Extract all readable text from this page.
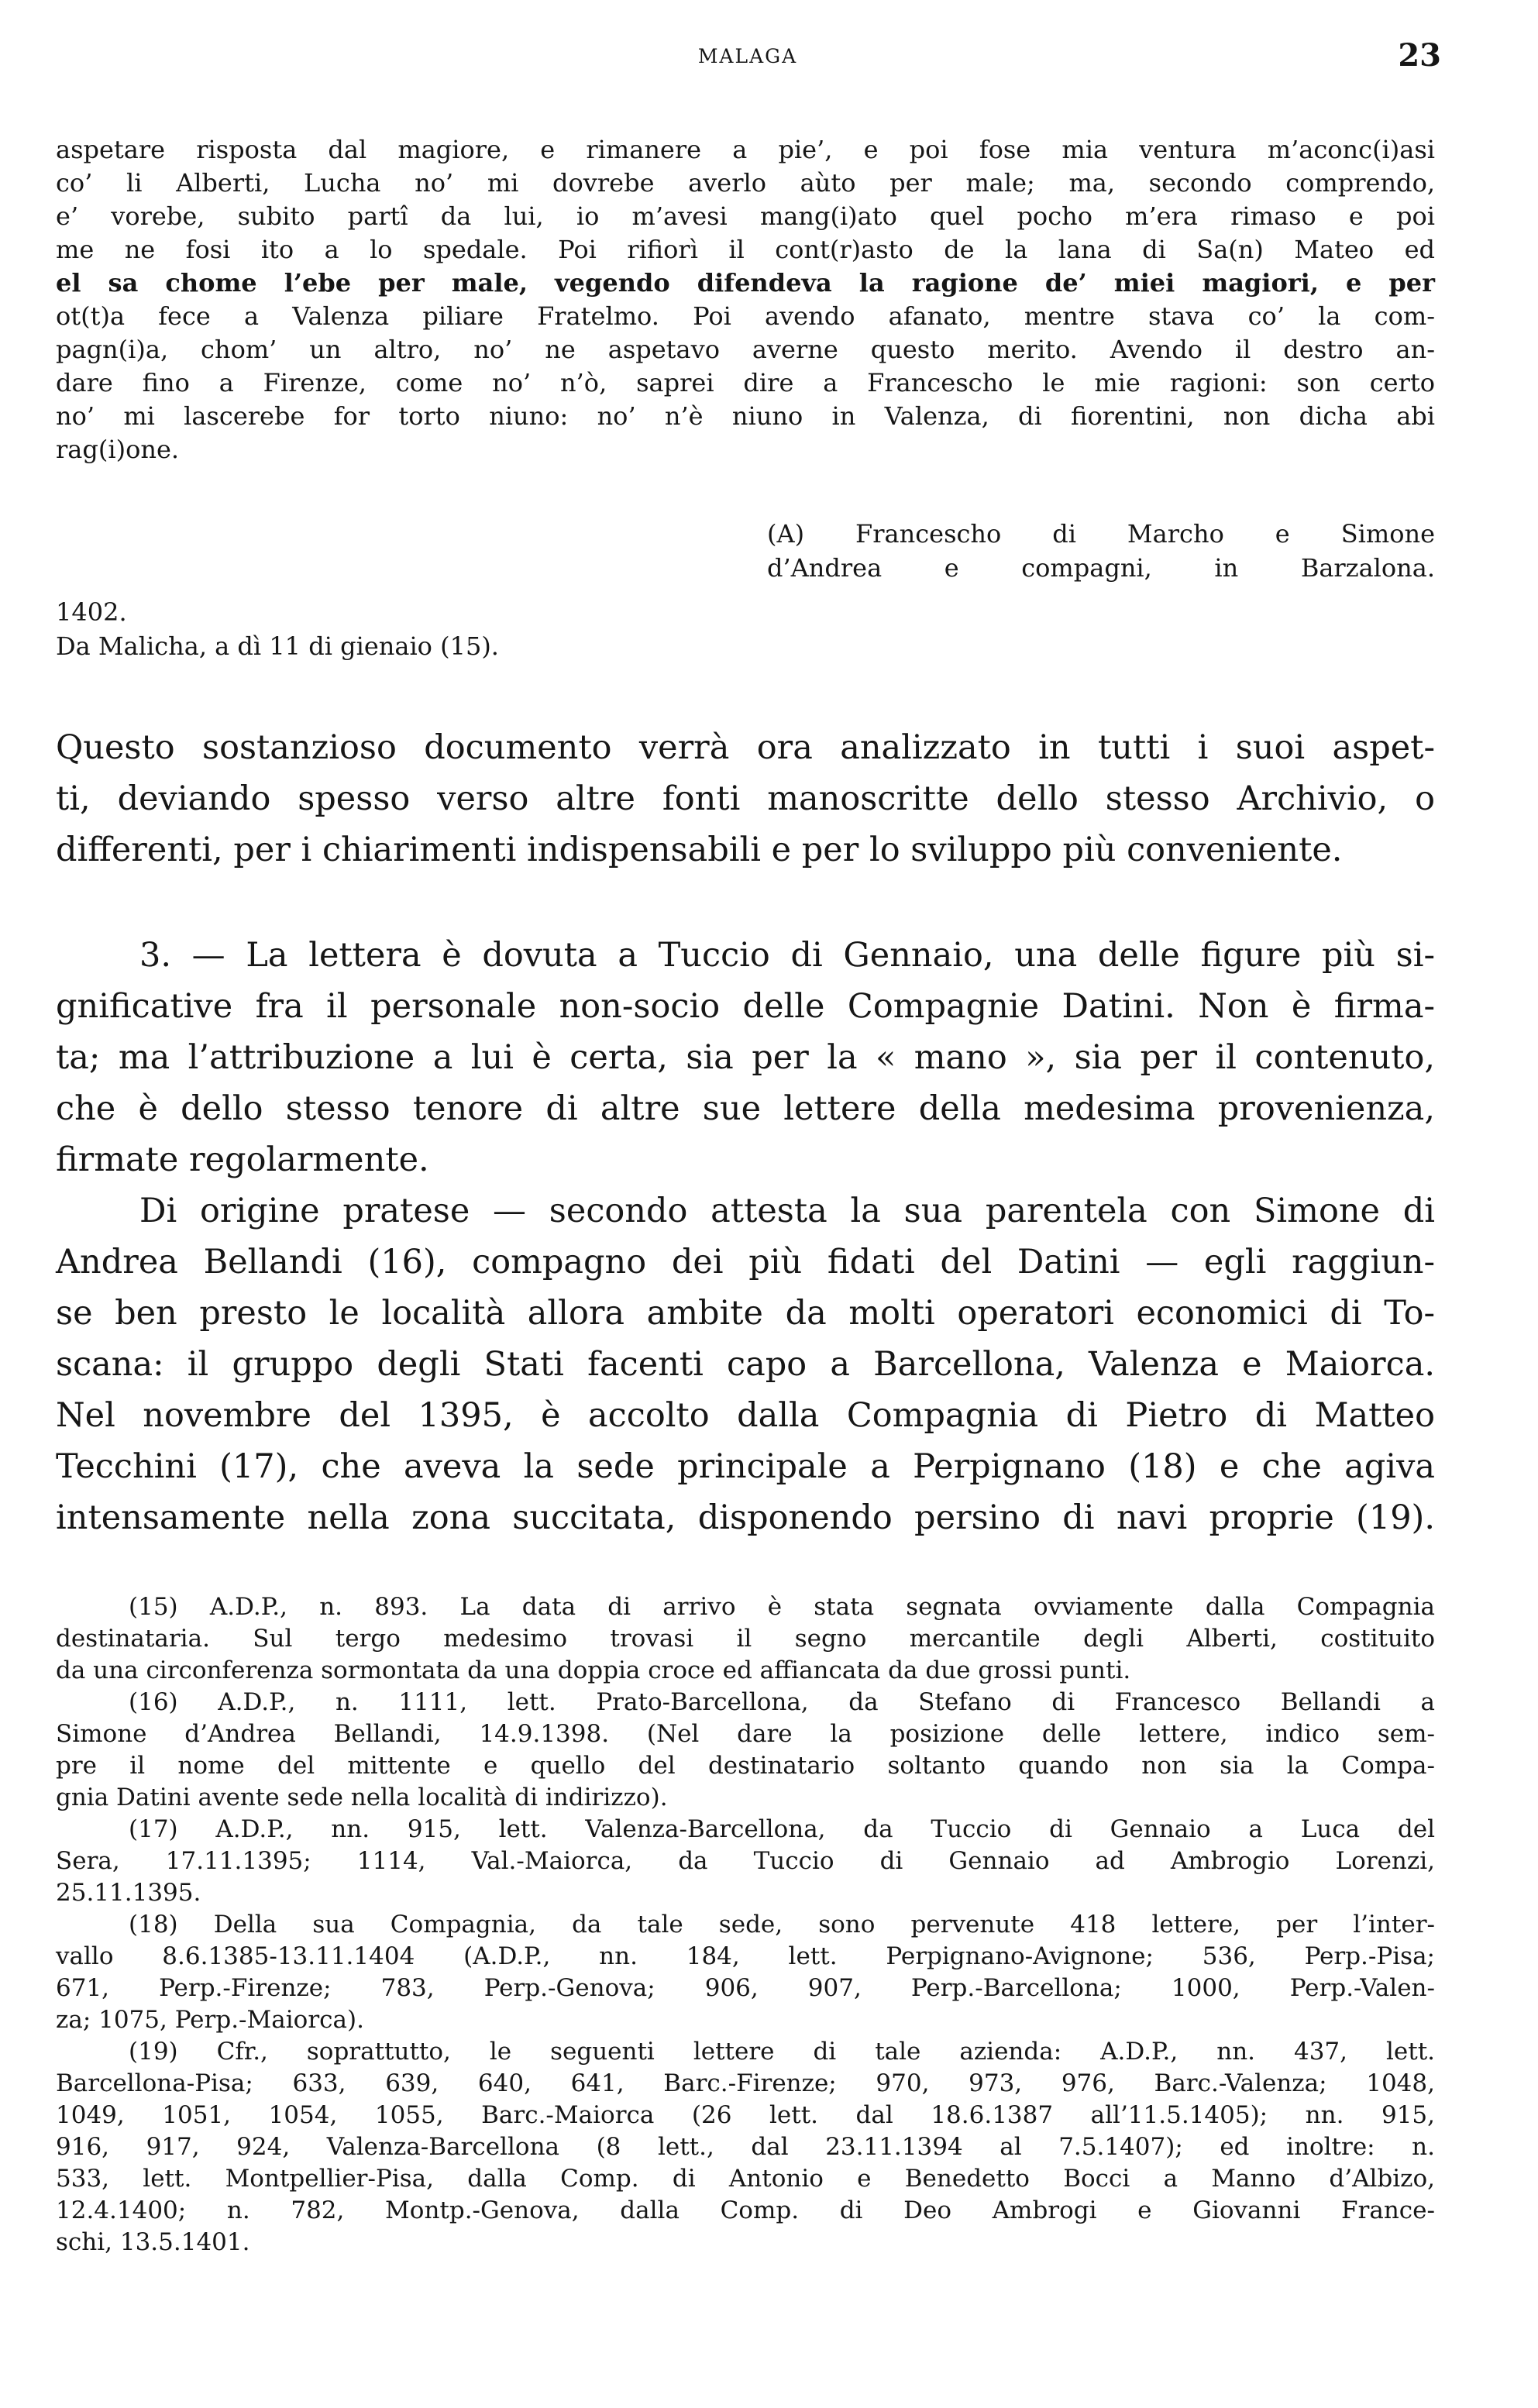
MALAGA	23
aspetare risposta dal magiore, e rimanere a pie’, e poi fose mia ventura m’aconc(i)asi
co’ li Alberti, Lucha no’ mi dovrebe averlo aùto per male; ma, secondo comprendo,
e’ vorebe, subito partî da lui, io m’avesi mang(i)ato quel pocho m’era rimaso e poi
me ne fosi ito a lo spedale. Poi rifiorì il cont(r)asto de la lana di Sa(n) Mateo ed
el sa chome l’ebe per male, vegendo difendeva la ragione de’ miei magiori, e per
ot(t)a fece a Valenza piliare Fratelmo. Poi avendo afanato, mentre stava co’ la com-
pagn(i)a, chom’ un altro, no’ ne aspetavo averne questo merito. Avendo il destro an-
dare fino a Firenze, come no’ n’ò, saprei dire a Francescho le mie ragioni: son certo
no’ mi lascerebe for torto niuno: no’ n’è niuno in Valenza, di fiorentini, non dicha abi
rag(i)one.
(A) Francescho di Marcho e Simone
d’Andrea e compagni, in Barzalona.
1402.
Da Malicha, a dì 11 di gienaio (15).
Questo sostanzioso documento verrà ora analizzato in tutti i suoi aspet-
ti, deviando spesso verso altre fonti manoscritte dello stesso Archivio, o
differenti, per i chiarimenti indispensabili e per lo sviluppo più conveniente.
3. — La lettera è dovuta a Tuccio di Gennaio, una delle figure più si-
gnificative fra il personale non-socio delle Compagnie Datini. Non è firma-
ta; ma l’attribuzione a lui è certa, sia per la « mano », sia per il contenuto,
che è dello stesso tenore di altre sue lettere della medesima provenienza,
firmate regolarmente.
Di origine pratese — secondo attesta la sua parentela con Simone di
Andrea Bellandi (16), compagno dei più fidati del Datini — egli raggiun-
se ben presto le località allora ambite da molti operatori economici di To-
scana: il gruppo degli Stati facenti capo a Barcellona, Valenza e Maiorca.
Nel novembre del 1395, è accolto dalla Compagnia di Pietro di Matteo
Tecchini (17), che aveva la sede principale a Perpignano (18) e che agiva
intensamente nella zona succitata, disponendo persino di navi proprie (19).
(15) A.D.P., n. 893. La data di arrivo è stata segnata ovviamente dalla Compagnia
destinataria. Sul tergo medesimo trovasi il segno mercantile degli Alberti, costituito
da una circonferenza sormontata da una doppia croce ed affiancata da due grossi punti.
(16) A.D.P., n. 1111, lett. Prato-Barcellona, da Stefano di Francesco Bellandi a
Simone d’Andrea Bellandi, 14.9.1398. (Nel dare la posizione delle lettere, indico sem-
pre il nome del mittente e quello del destinatario soltanto quando non sia la Compa-
gnia Datini avente sede nella località di indirizzo).
(17) A.D.P., nn. 915, lett. Valenza-Barcellona, da Tuccio di Gennaio a Luca del
Sera, 17.11.1395; 1114, Val.-Maiorca, da Tuccio di Gennaio ad Ambrogio Lorenzi,
25.11.1395.
(18) Della sua Compagnia, da tale sede, sono pervenute 418 lettere, per l’inter-
vallo 8.6.1385-13.11.1404 (A.D.P., nn. 184, lett. Perpignano-Avignone; 536, Perp.-Pisa;
671, Perp.-Firenze; 783, Perp.-Genova; 906, 907, Perp.-Barcellona; 1000, Perp.-Valen-
za; 1075, Perp.-Maiorca).
(19) Cfr., soprattutto, le seguenti lettere di tale azienda: A.D.P., nn. 437, lett.
Barcellona-Pisa; 633, 639, 640, 641, Barc.-Firenze; 970, 973, 976, Barc.-Valenza; 1048,
1049, 1051, 1054, 1055, Barc.-Maiorca (26 lett. dal 18.6.1387 all’11.5.1405); nn. 915,
916, 917, 924, Valenza-Barcellona (8 lett., dal 23.11.1394 al 7.5.1407); ed inoltre: n.
533, lett. Montpellier-Pisa, dalla Comp. di Antonio e Benedetto Bocci a Manno d’Albizo,
12.4.1400; n. 782, Montp.-Genova, dalla Comp. di Deo Ambrogi e Giovanni France-
schi, 13.5.1401.
